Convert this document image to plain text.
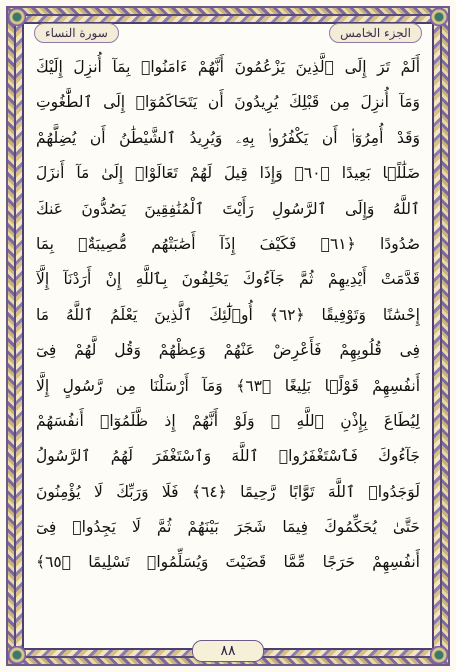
سورة النساء	الجزء الخامس
أَلَمْ تَرَ إِلَى ٱلَّذِينَ يَزْعُمُونَ أَنَّهُمْ ءَامَنُوا۟ بِمَآ أُنزِلَ إِلَيْكَ
وَمَآ أُنزِلَ مِن قَبْلِكَ يُرِيدُونَ أَن يَتَحَاكَمُوٓا۟ إِلَى ٱلطَّٰغُوتِ
وَقَدْ أُمِرُوٓا۟ أَن يَكْفُرُوا۟ بِهِۦ وَيُرِيدُ ٱلشَّيْطَٰنُ أَن يُضِلَّهُمْ
ضَلَٰلًۢا بَعِيدًا ﴿٦٠﴾ وَإِذَا قِيلَ لَهُمْ تَعَالَوْا۟ إِلَىٰ مَآ أَنزَلَ
ٱللَّهُ وَإِلَى ٱلرَّسُولِ رَأَيْتَ ٱلْمُنَٰفِقِينَ يَصُدُّونَ عَنكَ
صُدُودًا ﴿٦١﴾ فَكَيْفَ إِذَآ أَصَٰبَتْهُم مُّصِيبَةٌۢ بِمَا
قَدَّمَتْ أَيْدِيهِمْ ثُمَّ جَآءُوكَ يَحْلِفُونَ بِٱللَّهِ إِنْ أَرَدْنَآ إِلَّآ
إِحْسَٰنًا وَتَوْفِيقًا ﴿٦٢﴾ أُو۟لَٰٓئِكَ ٱلَّذِينَ يَعْلَمُ ٱللَّهُ مَا
فِى قُلُوبِهِمْ فَأَعْرِضْ عَنْهُمْ وَعِظْهُمْ وَقُل لَّهُمْ فِىٓ
أَنفُسِهِمْ قَوْلًۢا بَلِيغًا ﴿٦٣﴾ وَمَآ أَرْسَلْنَا مِن رَّسُولٍ إِلَّا
لِيُطَاعَ بِإِذْنِ ٱللَّهِ ۚ وَلَوْ أَنَّهُمْ إِذ ظَّلَمُوٓا۟ أَنفُسَهُمْ
جَآءُوكَ فَٱسْتَغْفَرُوا۟ ٱللَّهَ وَٱسْتَغْفَرَ لَهُمُ ٱلرَّسُولُ
لَوَجَدُوا۟ ٱللَّهَ تَوَّابًا رَّحِيمًا ﴿٦٤﴾ فَلَا وَرَبِّكَ لَا يُؤْمِنُونَ
حَتَّىٰ يُحَكِّمُوكَ فِيمَا شَجَرَ بَيْنَهُمْ ثُمَّ لَا يَجِدُوا۟ فِىٓ
أَنفُسِهِمْ حَرَجًا مِّمَّا قَضَيْتَ وَيُسَلِّمُوا۟ تَسْلِيمًا ﴿٦٥﴾
٨٨
